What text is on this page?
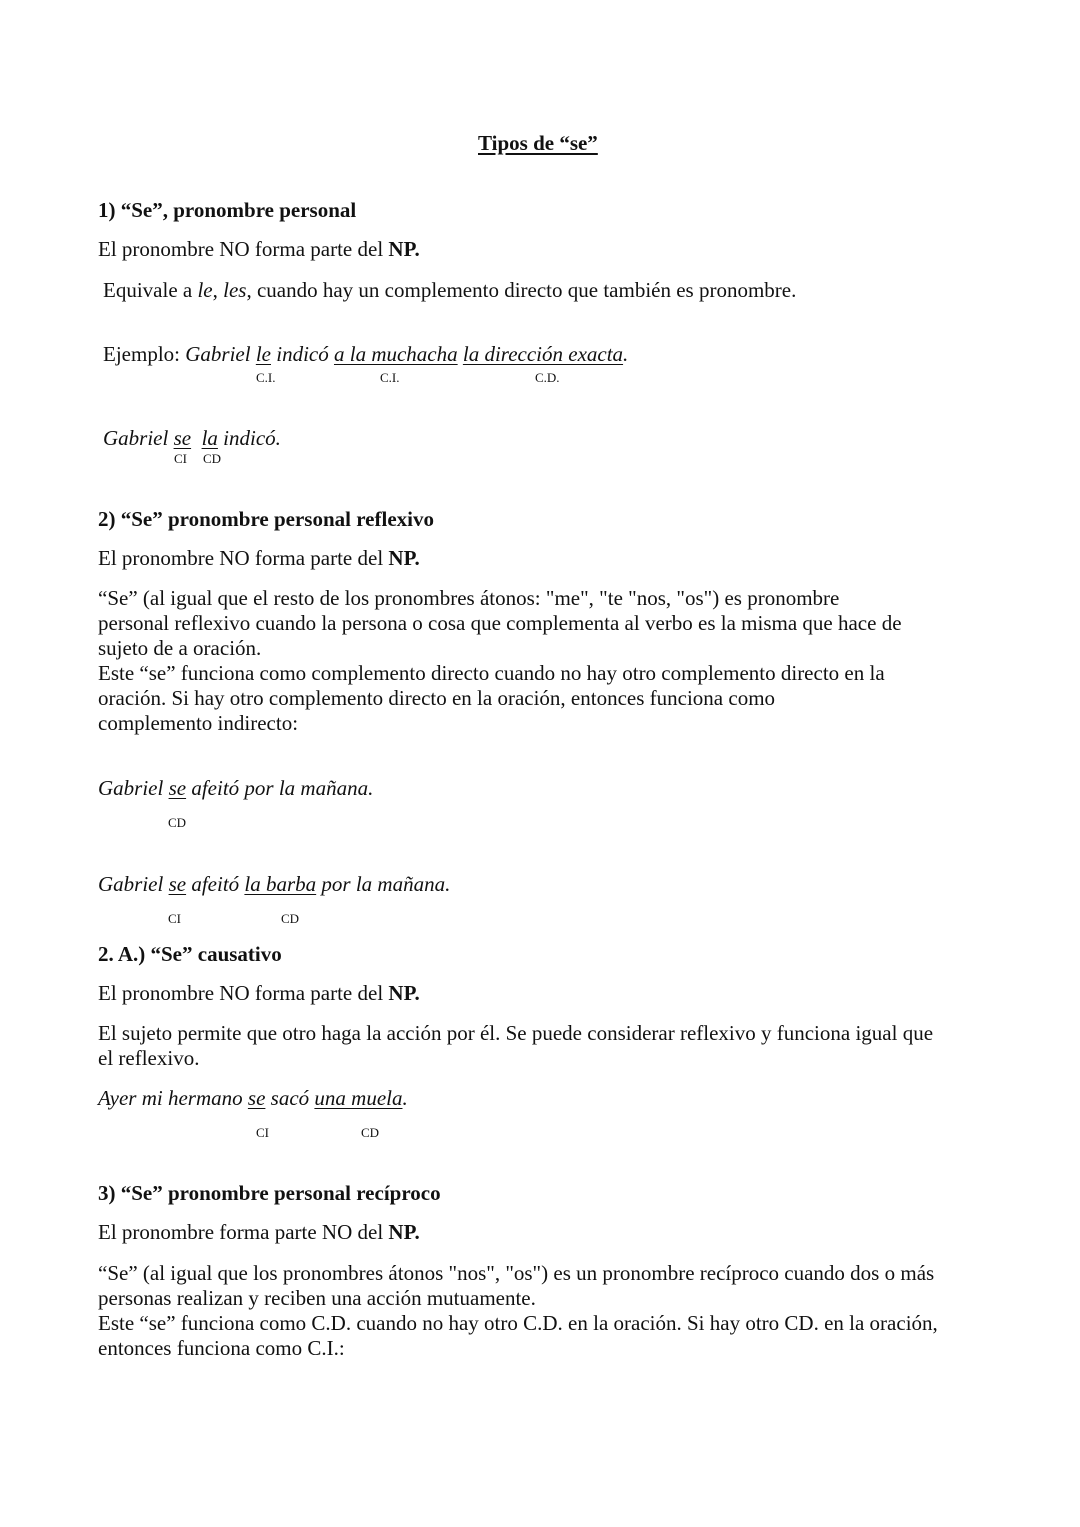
Tipos de “se”
1) “Se”, pronombre personal
El pronombre NO forma parte del NP.
Equivale a le, les, cuando hay un complemento directo que también es pronombre.
Ejemplo: Gabriel le indicó a la muchacha la dirección exacta.
C.I.	C.I.	C.D.
Gabriel se la indicó.
CI CD
2) “Se” pronombre personal reflexivo
El pronombre NO forma parte del NP.
“Se” (al igual que el resto de los pronombres átonos: "me", "te "nos, "os") es pronombre
personal reflexivo cuando la persona o cosa que complementa al verbo es la misma que hace de
sujeto de a oración.
Este “se” funciona como complemento directo cuando no hay otro complemento directo en la
oración. Si hay otro complemento directo en la oración, entonces funciona como
complemento indirecto:
Gabriel se afeitó por la mañana.
CD
Gabriel se afeitó la barba por la mañana.
CI	CD
2. A.) “Se” causativo
El pronombre NO forma parte del NP.
El sujeto permite que otro haga la acción por él. Se puede considerar reflexivo y funciona igual que
el reflexivo.
Ayer mi hermano se sacó una muela.
CI	CD
3) “Se” pronombre personal recíproco
El pronombre forma parte NO del NP.
“Se” (al igual que los pronombres átonos "nos", "os") es un pronombre recíproco cuando dos o más
personas realizan y reciben una acción mutuamente.
Este “se” funciona como C.D. cuando no hay otro C.D. en la oración. Si hay otro CD. en la oración,
entonces funciona como C.I.:
